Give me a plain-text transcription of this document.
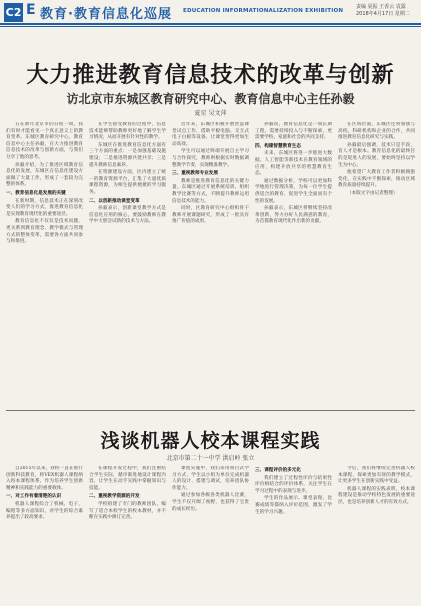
C2 E 教育·教育信息化巡展 EDUCATION INFORMATIONALIZATION EXHIBITION
责编 夏振 王香云 袁露
2018年4月17日 星期二
大力推进教育信息技术的改革与创新
访北京市东城区教育研究中心、教育信息中心主任孙毅
夏星 吴文萍

五在新年北京市的日程一项，我们有时才能看见一个真正意义上的教育变革。东城区教育研究中心、教育信息中心主任孙毅，在大力推进教育信息技术的改革与创新方面，与我们分享了他的思考。

孙毅介绍，为了推进区域教育信息化的发展，东城区在信息化建设方面做了大量工作，形成了一套较为完整的体系。

一、教育信息化是发展的关键

在新时期，信息技术正在深刻改变人们的学习方式，推进教育信息化是实现教育现代化的重要途径。

教育信息化不仅仅是技术问题，更关系到教育理念、教学模式与管理方式的整体变革，需要各方面共同参与和推进。

在学生接受教育的过程中，信息技术能够帮助教师更好地了解学生学习情况，从而开展有针对性的教学。

东城区在推进教育信息化方面有三个方面的重点：一是加强基础设施建设；二是推进资源共建共享；三是提升教师信息素养。

在资源建设方面，区内建立了统一的教育资源平台，汇集了大量优质课程资源，为师生提供便捷的学习服务。

二、以创新推动课堂变革

孙毅表示，创新课堂教学方式是信息化应用的核心，要鼓励教师在教学中大胆尝试新的技术与方法。

近年来，东城区积极开展智慧课堂试点工作，借助平板电脑、交互式电子白板等设备，让课堂变得更加生动高效。

学生可以通过终端开展自主学习与合作探究，教师则根据实时数据调整教学节奏，实现精准教学。

三、重视教师专业发展

教师是推进教育信息化的关键力量。东城区通过开展系统培训、组织教学比赛等方式，不断提升教师运用信息技术的能力。

同时，区教育研究中心组织骨干教师开展课题研究，形成了一批具有推广价值的成果。

孙毅说，教育信息化是一项长期工程，需要持续投入与不断探索，更需要学校、家庭和社会的共同支持。

四、构建智慧教育生态

未来，东城区将进一步推进大数据、人工智能等新技术在教育领域的应用，构建开放共享的智慧教育生态。

通过数据分析，学校可以更加科学地进行管理决策，为每一位学生提供适合的教育，促进学生全面而有个性的发展。

孙毅表示，东城区将继续坚持改革创新，努力办好人民满意的教育，为首都教育现代化作出新的贡献。

在区域层面，东城区还将加强与高校、科研机构和企业的合作，共同推进教育信息化研究与实践。

孙毅最后强调，技术只是手段，育人才是根本。教育信息化的最终目的是促进人的发展，要始终坚持以学生为中心。

他希望广大教育工作者积极拥抱变化，在实践中不断探索，推动区域教育质量持续提升。

（本版文字由记者整理）

浅谈机器人校本课程实践
北京市第二十一中学 洪启岭 张立

自2015年以来，我校一直在推行创新科技教育，将VEX机器人课程纳入校本课程体系，作为培养学生创新精神和实践能力的重要载体。

一、对工作有着清楚的认识

机器人课程综合了机械、电子、编程等多方面知识，对学生的综合素养提出了较高要求。

在课程开发过程中，我们注重结合学生实际，循序渐进地设计课程内容，让学生在动手实践中掌握知识与技能。

二、重视教学资源的开发

学校组建了专门的教师团队，编写了适合本校学生的校本教材，并不断在实践中修订完善。

课程实施中，我们采用项目式学习方式，学生以小组为单位完成机器人的设计、搭建与调试，培养团队协作能力。

通过参加各级各类机器人比赛，学生不仅开阔了视野，也获得了宝贵的成长经历。

三、课程评价的多元化

我们建立了过程性评价与结果性评价相结合的评价体系，关注学生在学习过程中的表现与进步。

学生的作品展示、课堂表现、比赛成绩等都纳入评价范围，激发了学生的学习兴趣。

今后，我们将继续完善机器人校本课程，探索更加有效的教学模式，让更多学生在创新实践中受益。

机器人课程的实践表明，校本课程建设是推动学校特色发展的重要途径，也是培养创新人才的有效方式。
